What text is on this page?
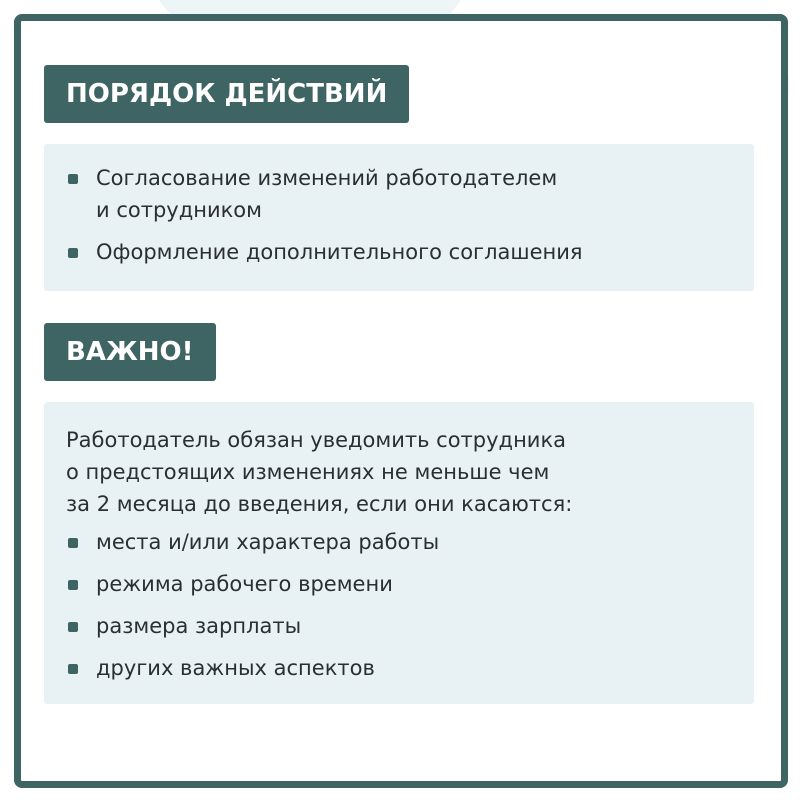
ПОРЯДОК ДЕЙСТВИЙ
Согласование изменений работодателем
и сотрудником
Оформление дополнительного соглашения
ВАЖНО!
Работодатель обязан уведомить сотрудника
о предстоящих изменениях не меньше чем
за 2 месяца до введения, если они касаются:
места и/или характера работы
режима рабочего времени
размера зарплаты
других важных аспектов
